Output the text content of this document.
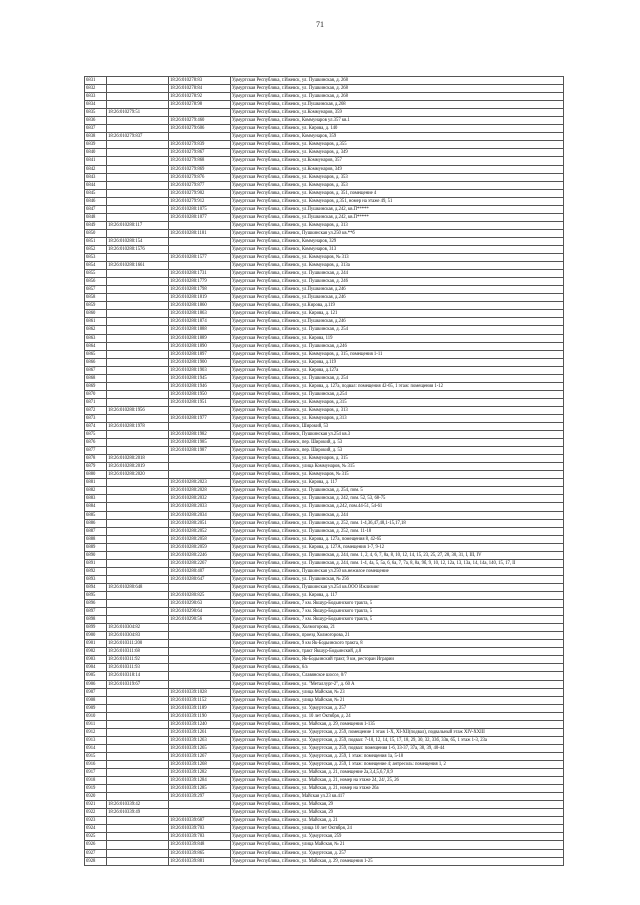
71
6831		18:26:010278:83	Удмуртская Республика, г.Ижевск, ул. Пушкинская, д. 268
6832		18:26:010278:84	Удмуртская Республика, г.Ижевск, ул. Пушкинская, д. 268
6833		18:26:010278:92	Удмуртская Республика, г.Ижевск, ул. Пушкинская, д. 268
6834		18:26:010278:98	Удмуртская Республика, г.Ижевск, ул.Пушкинская, д.268
6835	18:26:010279:51		Удмуртская Республика, г.Ижевск, ул.Коммунаров, 359
6836		18:26:010279:460	Удмуртская Республика, г.Ижевск, Коммунаров ул.357 кв.1
6837		18:26:010279:606	Удмуртская Республика, г.Ижевск, ул. Кирова, д. 140
6838	18:26:010279:837		Удмуртская Республика, г.Ижевск, Коммунаров, 359
6839		18:26:010279:839	Удмуртская Республика, г.Ижевск, ул. Коммунаров, д.355
6840		18:26:010279:867	Удмуртская Республика, г.Ижевск, ул. Коммунаров, д. 349
6841		18:26:010279:868	Удмуртская Республика, г.Ижевск, ул.Коммунаров, 357
6842		18:26:010279:869	Удмуртская Республика, г.Ижевск, ул.Коммунаров, 349
6843		18:26:010279:876	Удмуртская Республика, г.Ижевск, ул. Коммунаров, д. 353
6844		18:26:010279:877	Удмуртская Республика, г.Ижевск, ул. Коммунаров, д. 353
6845		18:26:010279:902	Удмуртская Республика, г.Ижевск, ул. Коммунаров, д. 351, помещение 4
6846		18:26:010279:912	Удмуртская Республика, г.Ижевск, ул. Коммунаров, д.351, номер на этаже 49, 51
6847		18:26:010280:1075	Удмуртская Республика, г.Ижевск, ул.Пушкинская, д.242, кв.П*****
6848		18:26:010280:1077	Удмуртская Республика, г.Ижевск, ул.Пушкинская, д.242, кв.П*****
6849	18:26:010280:117		Удмуртская Республика, г.Ижевск, ул. Коммунаров, д. 313
6850		18:26:010280:1181	Удмуртская Республика, г.Ижевск, Пушкинская ул.250 кв.**б
6851	18:26:010280:154		Удмуртская Республика, г.Ижевск, Коммунаров, 329
6852	18:26:010280:1576		Удмуртская Республика, г.Ижевск, Коммунаров, 313
6853		18:26:010280:1577	Удмуртская Республика, г.Ижевск, ул. Коммунаров, № 313
6854	18:26:010280:1661		Удмуртская Республика, г.Ижевск, ул. Коммунаров, д. 313а
6855		18:26:010280:1731	Удмуртская Республика, г.Ижевск, ул. Пушкинская, д. 244
6856		18:26:010280:1779	Удмуртская Республика, г.Ижевск, ул. Пушкинская, д. 246
6857		18:26:010280:1798	Удмуртская Республика, г.Ижевск, ул.Пушкинская, д.246
6858		18:26:010280:1819	Удмуртская Республика, г.Ижевск, ул.Пушкинская, д.246
6859		18:26:010280:1860	Удмуртская Республика, г.Ижевск, ул.Кирова, д.119
6860		18:26:010280:1863	Удмуртская Республика, г.Ижевск, ул. Кирова, д. 121
6861		18:26:010280:1874	Удмуртская Республика, г.Ижевск, ул.Пушкинская, д.246
6862		18:26:010280:1888	Удмуртская Республика, г.Ижевск, ул. Пушкинская, д. 254
6863		18:26:010280:1889	Удмуртская Республика, г.Ижевск, ул. Кирова, 119
6864		18:26:010280:1890	Удмуртская Республика, г.Ижевск, ул. Пушкинская, д.246
6865		18:26:010280:1897	Удмуртская Республика, г.Ижевск, ул. Коммунаров, д. 315, помещения 1-11
6866		18:26:010280:1900	Удмуртская Республика, г.Ижевск, ул. Кирова, д.119
6867		18:26:010280:1903	Удмуртская Республика, г.Ижевск, ул. Кирова, д.127а
6868		18:26:010280:1945	Удмуртская Республика, г.Ижевск, ул. Пушкинская, д. 254
6869		18:26:010280:1946	Удмуртская Республика, г.Ижевск, ул. Кирова, д. 127а, подвал: помещения 42-65, 1 этаж: помещения 1-12
6870		18:26:010280:1950	Удмуртская Республика, г.Ижевск, ул. Пушкинская, д.254
6871		18:26:010280:1951	Удмуртская Республика, г.Ижевск, ул. Коммунаров, д.315
6872	18:26:010280:1956		Удмуртская Республика, г.Ижевск, ул. Коммунаров, д. 313
6873		18:26:010280:1977	Удмуртская Республика, г.Ижевск, ул. Коммунаров, д.313
6874	18:26:010280:1978		Удмуртская Республика, г.Ижевск, Широкий, 53
6875		18:26:010280:1982	Удмуртская Республика, г.Ижевск, Пушкинская ул.254 кв.3
6876		18:26:010280:1985	Удмуртская Республика, г.Ижевск, пер. Широкий, д. 53
6877		18:26:010280:1987	Удмуртская Республика, г.Ижевск, пер. Широкий, д. 53
6878	18:26:010280:2018		Удмуртская Республика, г.Ижевск, ул. Коммунаров, д. 315
6879	18:26:010280:2019		Удмуртская Республика, г.Ижевск, улица Коммунаров, № 315
6880	18:26:010280:2020		Удмуртская Республика, г.Ижевск, ул. Коммунаров, № 315
6881		18:26:010280:2023	Удмуртская Республика, г.Ижевск, ул. Кирова, д. 117
6882		18:26:010280:2028	Удмуртская Республика, г.Ижевск, ул. Пушкинская, д. 254, пом. 5
6883		18:26:010280:2032	Удмуртская Республика, г.Ижевск, ул. Пушкинская, д. 242, пом. 52, 53, 68-75
6884		18:26:010280:2033	Удмуртская Республика, г.Ижевск, ул. Пушкинская, д.242, пом.44-51, 54-61
6885		18:26:010280:2034	Удмуртская Республика, г.Ижевск, ул. Пушкинская, д. 244
6886		18:26:010280:2051	Удмуртская Республика, г.Ижевск, ул. Пушкинская, д. 252, пом. 1-4,36,47,48,1-15,17,18
6887		18:26:010280:2052	Удмуртская Республика, г.Ижевск, ул. Пушкинская, д. 252, пом. 11-18
6888		18:26:010280:2058	Удмуртская Республика, г.Ижевск, ул. Кирова, д. 127а, помещения 8, 42-65
6889		18:26:010280:2059	Удмуртская Республика, г.Ижевск, ул. Кирова, д. 127А, помещения 1-7, 9-12
6890		18:26:010280:2246	Удмуртская Республика, г.Ижевск, ул. Пушкинская, д. 244, пом. 1, 2, 4, 6, 7, 8а, 8, 10, 12, 14, 15, 23, 25, 27, 28, 30, 31, I, III, IV
6891		18:26:010280:2267	Удмуртская Республика, г.Ижевск, ул. Пушкинская, д. 244, пом. 1-4, 4а, 5, 5а, 6, 6а, 7, 7а, 8, 8а, 9б, 9, 10, 12, 12а, 13, 13а, 14, 14а, 140, 15, 17, II
6892		18:26:010280:407	Удмуртская Республика, г.Ижевск, Пушкинская ул.250 кв.нежилое помещение
6893		18:26:010280:647	Удмуртская Республика, г.Ижевск, ул. Пушкинская, № 256
6894	18:26:010280:648		Удмуртская Республика, г.Ижевск, Пушкинская ул.254 кв.ООО Ижлизинг
6895		18:26:010280:825	Удмуртская Республика, г.Ижевск, ул. Кирова, д. 117
6896		18:26:010290:63	Удмуртская Республика, г.Ижевск, 7 км. Якшур-Бодьинского тракта, 5
6897		18:26:010290:64	Удмуртская Республика, г.Ижевск, 7 км. Якшур-Бодьинского тракта, 5
6898		18:26:010290:56	Удмуртская Республика, г.Ижевск, 7 км. Якшур-Бодьинского тракта, 5
6899	18:26:010304:82		Удмуртская Республика, г.Ижевск, Холмогорова, 21
6900	18:26:010304:83		Удмуртская Республика, г.Ижевск, проезд Холмогорова, 21
6901	18:26:010311:200		Удмуртская Республика, г.Ижевск, 9 км Як-Бодьинского тракта, 8
6902	18:26:010311:68		Удмуртская Республика, г.Ижевск, тракт Якшур-Бодьинский, д.8
6903	18:26:010311:92		Удмуртская Республика, г.Ижевск, Як-Бодьинский тракт, 9 км, ресторан Играрии
6904	18:26:010311:93		Удмуртская Республика, г.Ижевск, 6/а
6905	18:26:010318:14		Удмуртская Республика, г.Ижевск, Славянское шоссе, 0/7
6906	18:26:010319:67		Удмуртская Республика, г.Ижевск, ул. "Металлург-2", д. 60 А
6907		18:26:010339:1028	Удмуртская Республика, г.Ижевск, улица Майская, № 23
6908		18:26:010339:1152	Удмуртская Республика, г.Ижевск, улица Майская, № 21
6909		18:26:010339:1189	Удмуртская Республика, г.Ижевск, ул. Удмуртская, д. 257
6910		18:26:010339:1190	Удмуртская Республика, г.Ижевск, ул. 10 лет Октября, д. 24
6911		18:26:010339:1240	Удмуртская Республика, г.Ижевск, ул. Майская, д. 29, помещения 1-135
6912		18:26:010339:1261	Удмуртская Республика, г.Ижевск, ул. Удмуртская, д. 259, помещение 1 этаж 1-X, XI-XII(подвал), подвальный этаж XIV-XXIII
6913		18:26:010339:1263	Удмуртская Республика, г.Ижевск, ул. Удмуртская, д. 259, подвал: 7-10, 12, 14, 15, 17, 18, 29, 30, 32, 33б, 33в, 65, 1 этаж 1-3, 23а
6914		18:26:010339:1265	Удмуртская Республика, г.Ижевск, ул. Удмуртская, д. 259, подвал: помещения 1-6, 33-37, 37а, 38, 39, 40-44
6915		18:26:010339:1267	Удмуртская Республика, г.Ижевск, ул. Удмуртская, д. 259, 1 этаж: помещения 1а, 5-18
6916		18:26:010339:1268	Удмуртская Республика, г.Ижевск, ул. Удмуртская, д. 259, 1 этаж: помещение 4; антресоль: помещения 1, 2
6917		18:26:010339:1282	Удмуртская Республика, г.Ижевск, ул. Майская, д. 21, помещение 2а,3,4,5,6,7,8,9
6918		18:26:010339:1284	Удмуртская Республика, г.Ижевск, ул. Майская, д. 21, номер на этаже 24, 24/, 25, 26
6919		18:26:010339:1285	Удмуртская Республика, г.Ижевск, ул. Майская, д. 21, номер на этаже 26а
6920		18:26:010339:297	Удмуртская Республика, г.Ижевск, Майская ул.23 кв.417
6921	18:26:010339:42		Удмуртская Республика, г.Ижевск, ул. Майская, 29
6922	18:26:010339:49		Удмуртская Республика, г.Ижевск, ул. Майская, 29
6923		18:26:010339:687	Удмуртская Республика, г.Ижевск, ул. Майская, д. 21
6924		18:26:010339:703	Удмуртская Республика, г.Ижевск, улица 10 лет Октября, 24
6925		18:26:010339:783	Удмуртская Республика, г.Ижевск, ул. Удмуртская, 259
6926		18:26:010339:848	Удмуртская Республика, г.Ижевск, улица Майская, № 21
6927		18:26:010339:865	Удмуртская Республика, г.Ижевск, ул. Удмуртская, д. 257
6928		18:26:010339:881	Удмуртская Республика, г.Ижевск, ул. Майская, д. 29, помещения 1-25
